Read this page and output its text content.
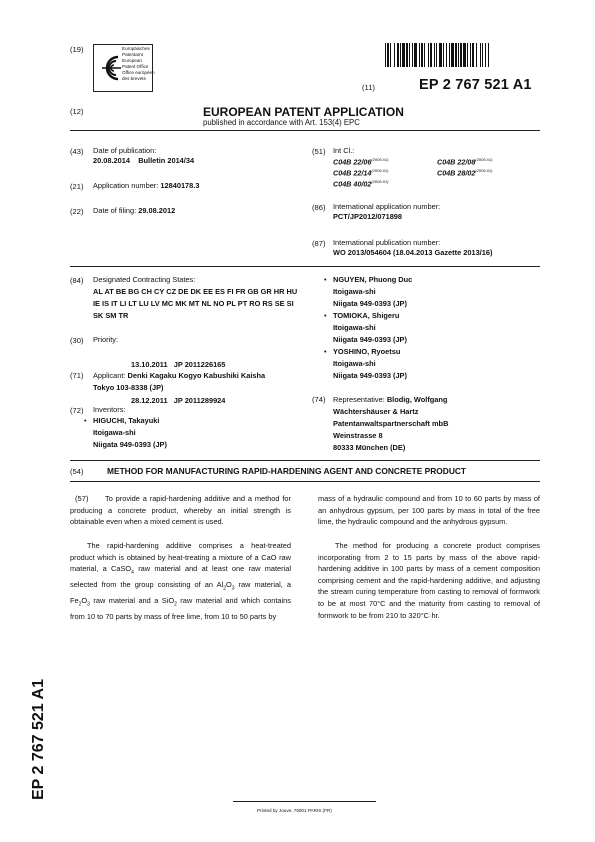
(19)	Europäisches
Patentamt
European
Patent Office
Office européen
des brevets
(11)	EP 2 767 521 A1
(12)	EUROPEAN PATENT APPLICATION
published in accordance with Art. 153(4) EPC
(43) Date of publication:
20.08.2014    Bulletin 2014/34
(21) Application number: 12840178.3
(22) Date of filing: 29.08.2012
(51) Int Cl.:
C04B $22/06^{(2006.01)}$	C04B $22/08^{(2006.01)}$
C04B $22/14^{(2006.01)}$	C04B $28/02^{(2006.01)}$
C04B $40/02^{(2006.01)}$
(86) International application number:
PCT/JP2012/071898
(87) International publication number:
WO 2013/054604 (18.04.2013 Gazette 2013/16)
(84) Designated Contracting States:
AL AT BE BG CH CY CZ DE DK EE ES FI FR GB GR HR HU IE IS IT LI LT LU LV MC MK MT NL NO PL PT RO RS SE SI SK SM TR
(30) Priority:

13.10.2011   JP 2011226165

28.12.2011   JP 2011289924

(71) Applicant: Denki Kagaku Kogyo Kabushiki Kaisha
Tokyo 103-8338 (JP)
(72) Inventors:
• HIGUCHI, Takayuki
Itoigawa-shi
Niigata 949-0393 (JP)
• NGUYEN, Phuong Duc
Itoigawa-shi
Niigata 949-0393 (JP)
• TOMIOKA, Shigeru
Itoigawa-shi
Niigata 949-0393 (JP)
• YOSHINO, Ryoetsu
Itoigawa-shi
Niigata 949-0393 (JP)
(74) Representative: Blodig, Wolfgang
Wächtershäuser & Hartz
Patentanwaltspartnerschaft mbB
Weinstrasse 8
80333 München (DE)
(54)	METHOD FOR MANUFACTURING RAPID-HARDENING AGENT AND CONCRETE PRODUCT
(57)	To provide a rapid-hardening additive and a method for producing a concrete product, whereby an initial strength is obtainable even when a mixed cement is used.
The rapid-hardening additive comprises a heat-treated product which is obtained by heat-treating a mixture of a CaO raw material, a CaSO$_4$ raw material and at least one raw material selected from the group consisting of an $Al_2O_3$ raw material, a $Fe_2O_3$ raw material and a SiO$_2$ raw material and which contains from 10 to 70 parts by mass of free lime, from 10 to 50 parts by
mass of a hydraulic compound and from 10 to 60 parts by mass of an anhydrous gypsum, per 100 parts by mass in total of the free lime, the hydraulic compound and the anhydrous gypsum.
The method for producing a concrete product comprises incorporating from 2 to 15 parts by mass of the above rapid-hardening additive in 100 parts by mass of a cement composition comprising cement and the rapid-hardening additive, and adjusting the stream curing temperature from casting to removal of formwork to be at most 70°C and the maturity from casting to removal of formwork to be from 210 to 320°C·hr.
EP 2 767 521 A1
Printed by Jouve, 75001 PARIS (FR)
